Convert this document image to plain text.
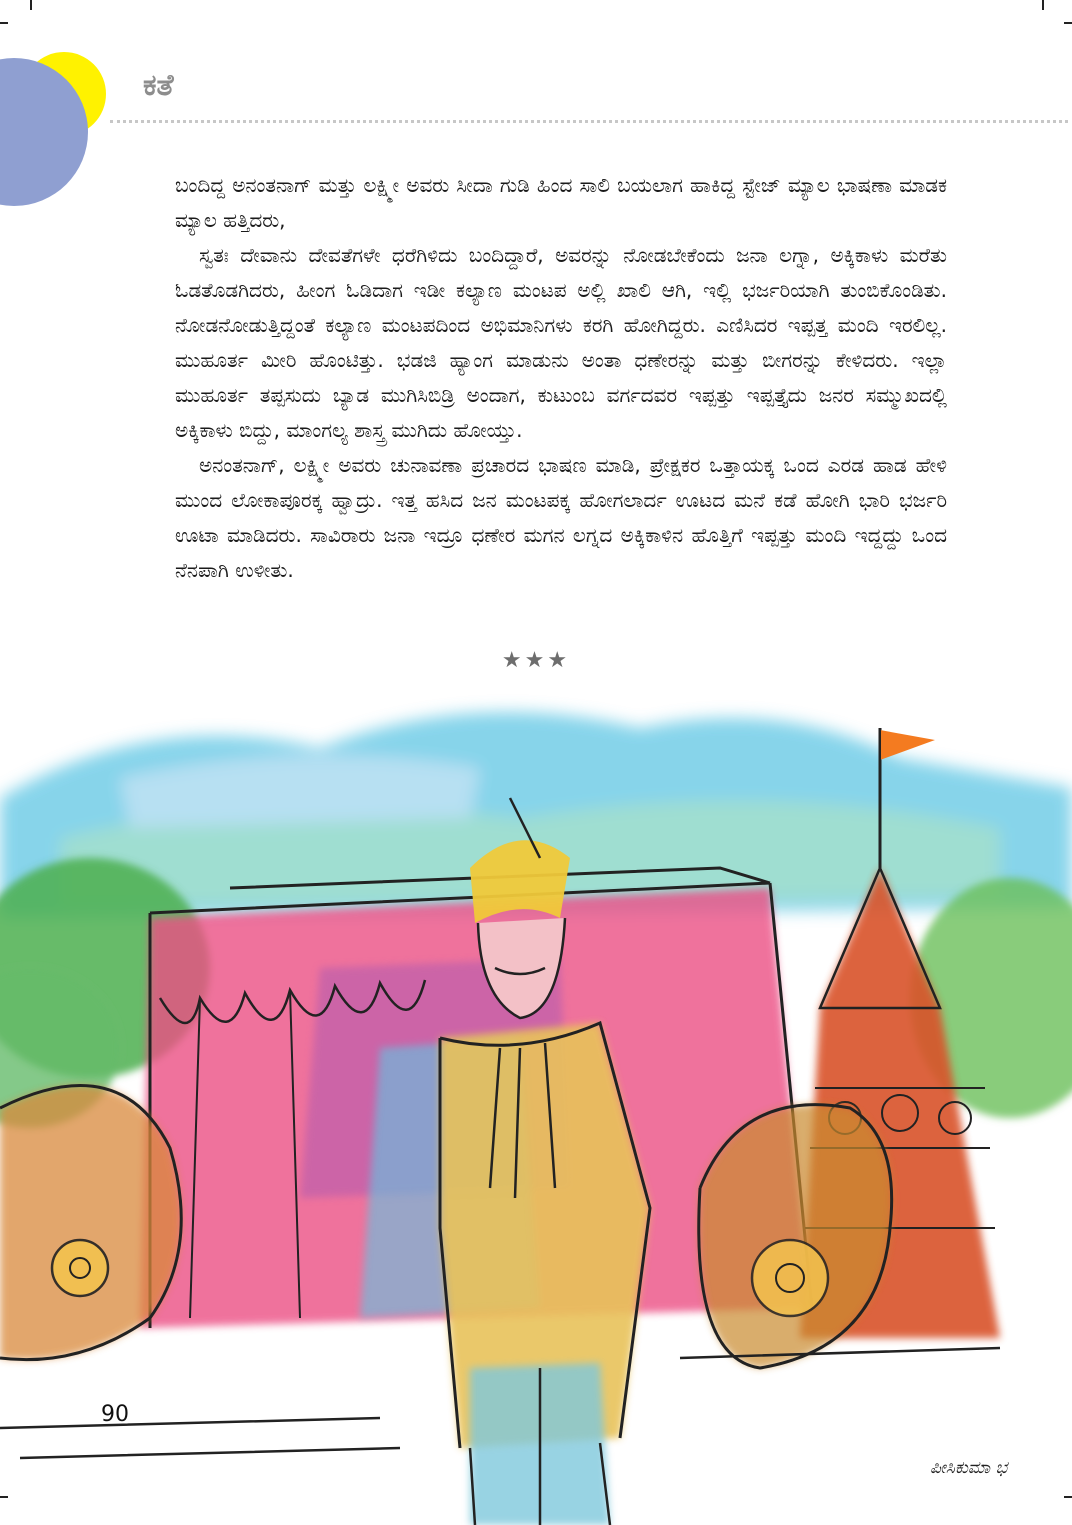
ಕತೆ

ಬಂದಿದ್ದ ಅನಂತನಾಗ್ ಮತ್ತು ಲಕ್ಷ್ಮೀ ಅವರು ಸೀದಾ ಗುಡಿ ಹಿಂದ ಸಾಲಿ ಬಯಲಾಗ ಹಾಕಿದ್ದ ಸ್ಟೇಜ್ ಮ್ಯಾಲ ಭಾಷಣಾ ಮಾಡಕ ಮ್ಯಾಲ ಹತ್ತಿದರು,

ಸ್ವತಃ ದೇವಾನು ದೇವತೆಗಳೇ ಧರೆಗಿಳಿದು ಬಂದಿದ್ದಾರೆ, ಅವರನ್ನು ನೋಡಬೇಕೆಂದು ಜನಾ ಲಗ್ನಾ, ಅಕ್ಕಿಕಾಳು ಮರೆತು ಓಡತೊಡಗಿದರು, ಹೀಂಗ ಓಡಿದಾಗ ಇಡೀ ಕಲ್ಯಾಣ ಮಂಟಪ ಅಲ್ಲಿ ಖಾಲಿ ಆಗಿ, ಇಲ್ಲಿ ಭರ್ಜರಿಯಾಗಿ ತುಂಬಿಕೊಂಡಿತು. ನೋಡನೋಡುತ್ತಿದ್ದಂತೆ ಕಲ್ಯಾಣ ಮಂಟಪದಿಂದ ಅಭಿಮಾನಿಗಳು ಕರಗಿ ಹೋಗಿದ್ದರು. ಎಣಿಸಿದರ ಇಪ್ಪತ್ತ ಮಂದಿ ಇರಲಿಲ್ಲ. ಮುಹೂರ್ತ ಮೀರಿ ಹೊಂಟಿತ್ತು. ಭಡಜಿ ಹ್ಯಾಂಗ ಮಾಡುನು ಅಂತಾ ಧಣೇರನ್ನು ಮತ್ತು ಬೀಗರನ್ನು ಕೇಳಿದರು. ಇಲ್ಲಾ ಮುಹೂರ್ತ ತಪ್ಪಸುದು ಬ್ಯಾಡ ಮುಗಿಸಿಬಿಡ್ರಿ ಅಂದಾಗ, ಕುಟುಂಬ ವರ್ಗದವರ ಇಪ್ಪತ್ತು ಇಪ್ಪತ್ತೈದು ಜನರ ಸಮ್ಮುಖದಲ್ಲಿ ಅಕ್ಕಿಕಾಳು ಬಿದ್ದು, ಮಾಂಗಲ್ಯ ಶಾಸ್ತ್ರ ಮುಗಿದು ಹೋಯ್ತು.

ಅನಂತನಾಗ್, ಲಕ್ಷ್ಮೀ ಅವರು ಚುನಾವಣಾ ಪ್ರಚಾರದ ಭಾಷಣ ಮಾಡಿ, ಪ್ರೇಕ್ಷಕರ ಒತ್ತಾಯಕ್ಕ ಒಂದ ಎರಡ ಹಾಡ ಹೇಳಿ ಮುಂದ ಲೋಕಾಪೂರಕ್ಕ ಹ್ವಾದ್ರು. ಇತ್ತ ಹಸಿದ ಜನ ಮಂಟಪಕ್ಕ ಹೋಗಲಾರ್ದ ಊಟದ ಮನೆ ಕಡೆ ಹೋಗಿ ಭಾರಿ ಭರ್ಜರಿ ಊಟಾ ಮಾಡಿದರು. ಸಾವಿರಾರು ಜನಾ ಇದ್ರೂ ಧಣೇರ ಮಗನ ಲಗ್ನದ ಅಕ್ಕಿಕಾಳಿನ ಹೊತ್ತಿಗೆ ಇಪ್ಪತ್ತು ಮಂದಿ ಇದ್ದದ್ದು ಒಂದ ನೆನಪಾಗಿ ಉಳೀತು.

★★★
90
ಪೀಸಿಕುಮಾ ಭ
